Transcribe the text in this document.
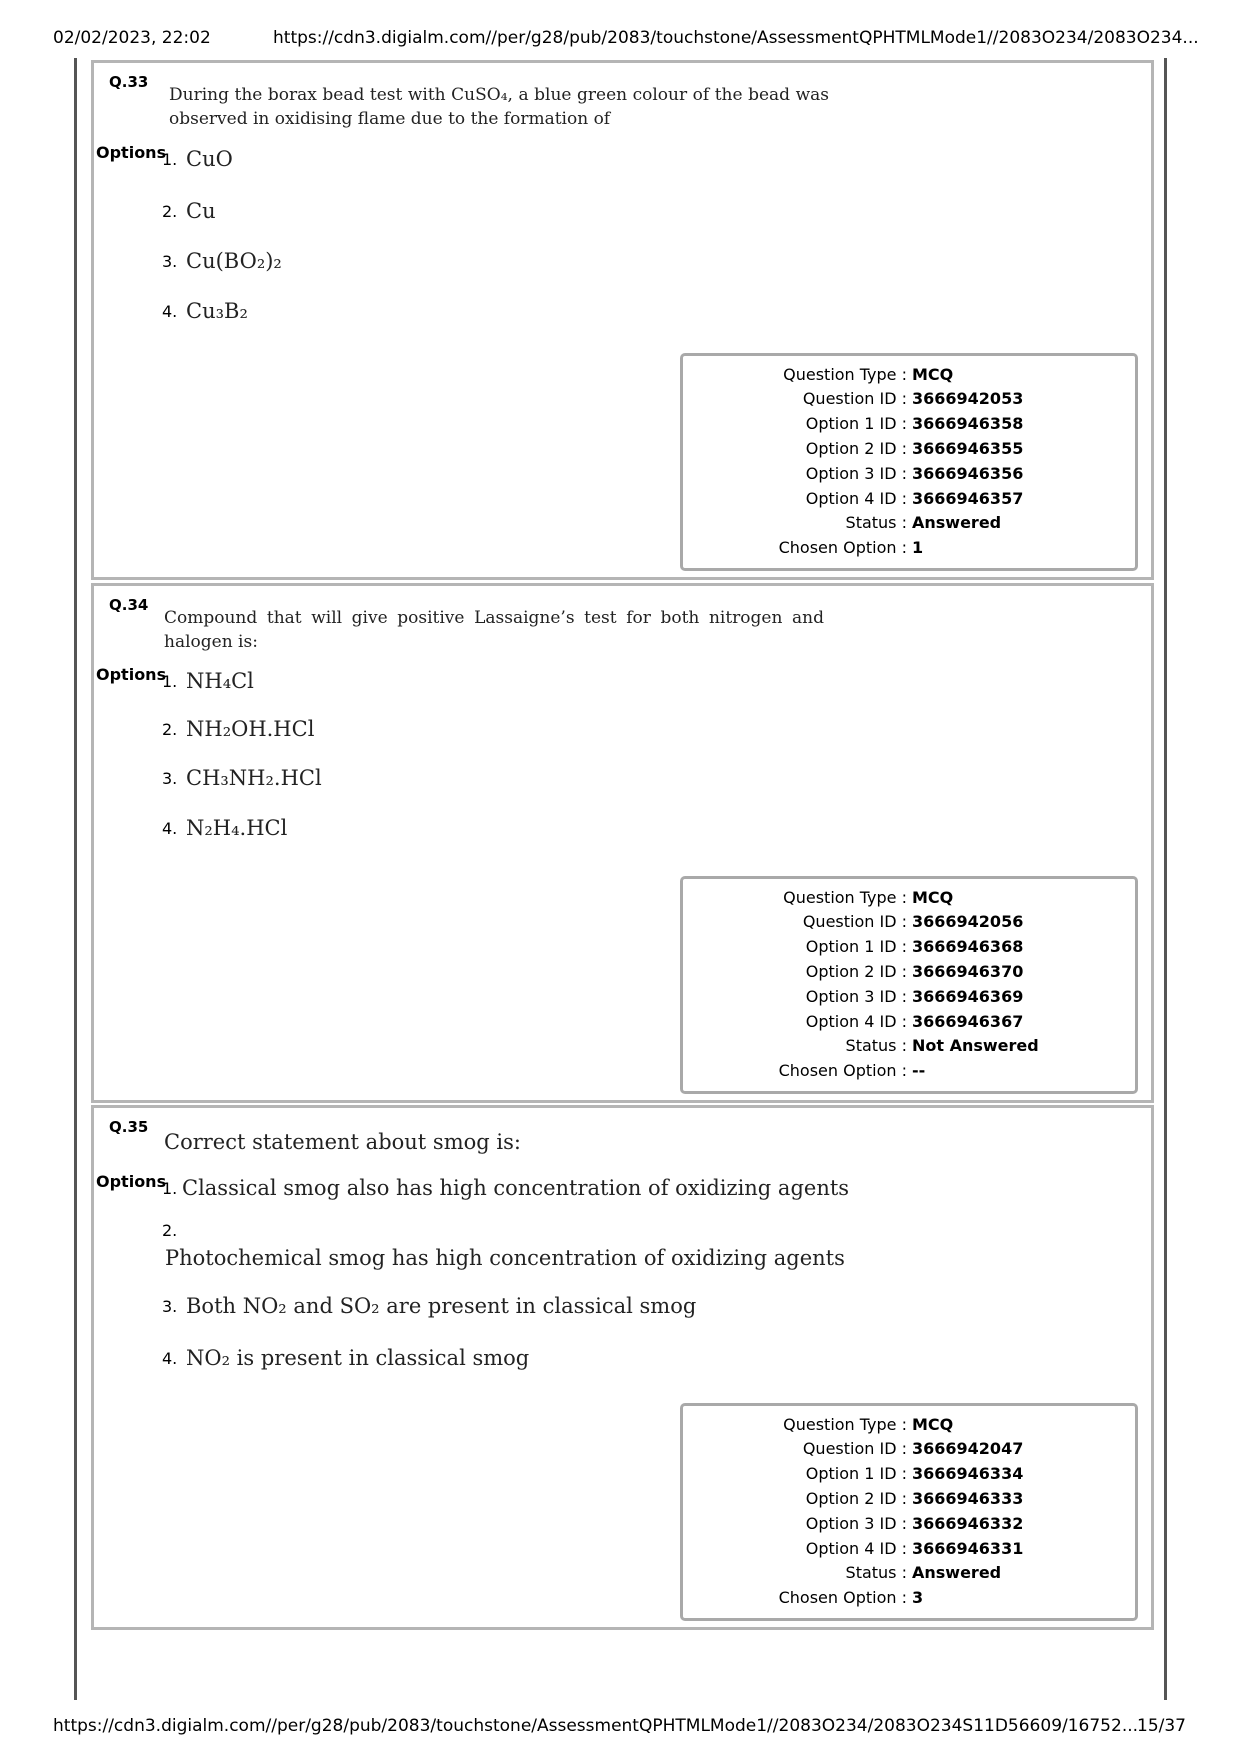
02/02/2023, 22:02	https://cdn3.digialm.com//per/g28/pub/2083/touchstone/AssessmentQPHTMLMode1//2083O234/2083O234...
Q.33
During the borax bead test with CuSO₄, a blue green colour of the bead was observed in oxidising flame due to the formation of
Options
1. CuO
2. Cu
3. Cu(BO₂)₂
4. Cu₃B₂
Question Type : MCQ
Question ID : 3666942053
Option 1 ID : 3666946358
Option 2 ID : 3666946355
Option 3 ID : 3666946356
Option 4 ID : 3666946357
Status : Answered
Chosen Option : 1
Q.34
Compound that will give positive Lassaigne’s test for both nitrogen and halogen is:
Options
1. NH₄Cl
2. NH₂OH.HCl
3. CH₃NH₂.HCl
4. N₂H₄.HCl
Question Type : MCQ
Question ID : 3666942056
Option 1 ID : 3666946368
Option 2 ID : 3666946370
Option 3 ID : 3666946369
Option 4 ID : 3666946367
Status : Not Answered
Chosen Option : --
Q.35
Correct statement about smog is:
Options
1. Classical smog also has high concentration of oxidizing agents
2.
Photochemical smog has high concentration of oxidizing agents
3. Both NO₂ and SO₂ are present in classical smog
4. NO₂ is present in classical smog
Question Type : MCQ
Question ID : 3666942047
Option 1 ID : 3666946334
Option 2 ID : 3666946333
Option 3 ID : 3666946332
Option 4 ID : 3666946331
Status : Answered
Chosen Option : 3
https://cdn3.digialm.com//per/g28/pub/2083/touchstone/AssessmentQPHTMLMode1//2083O234/2083O234S11D56609/16752...
15/37
